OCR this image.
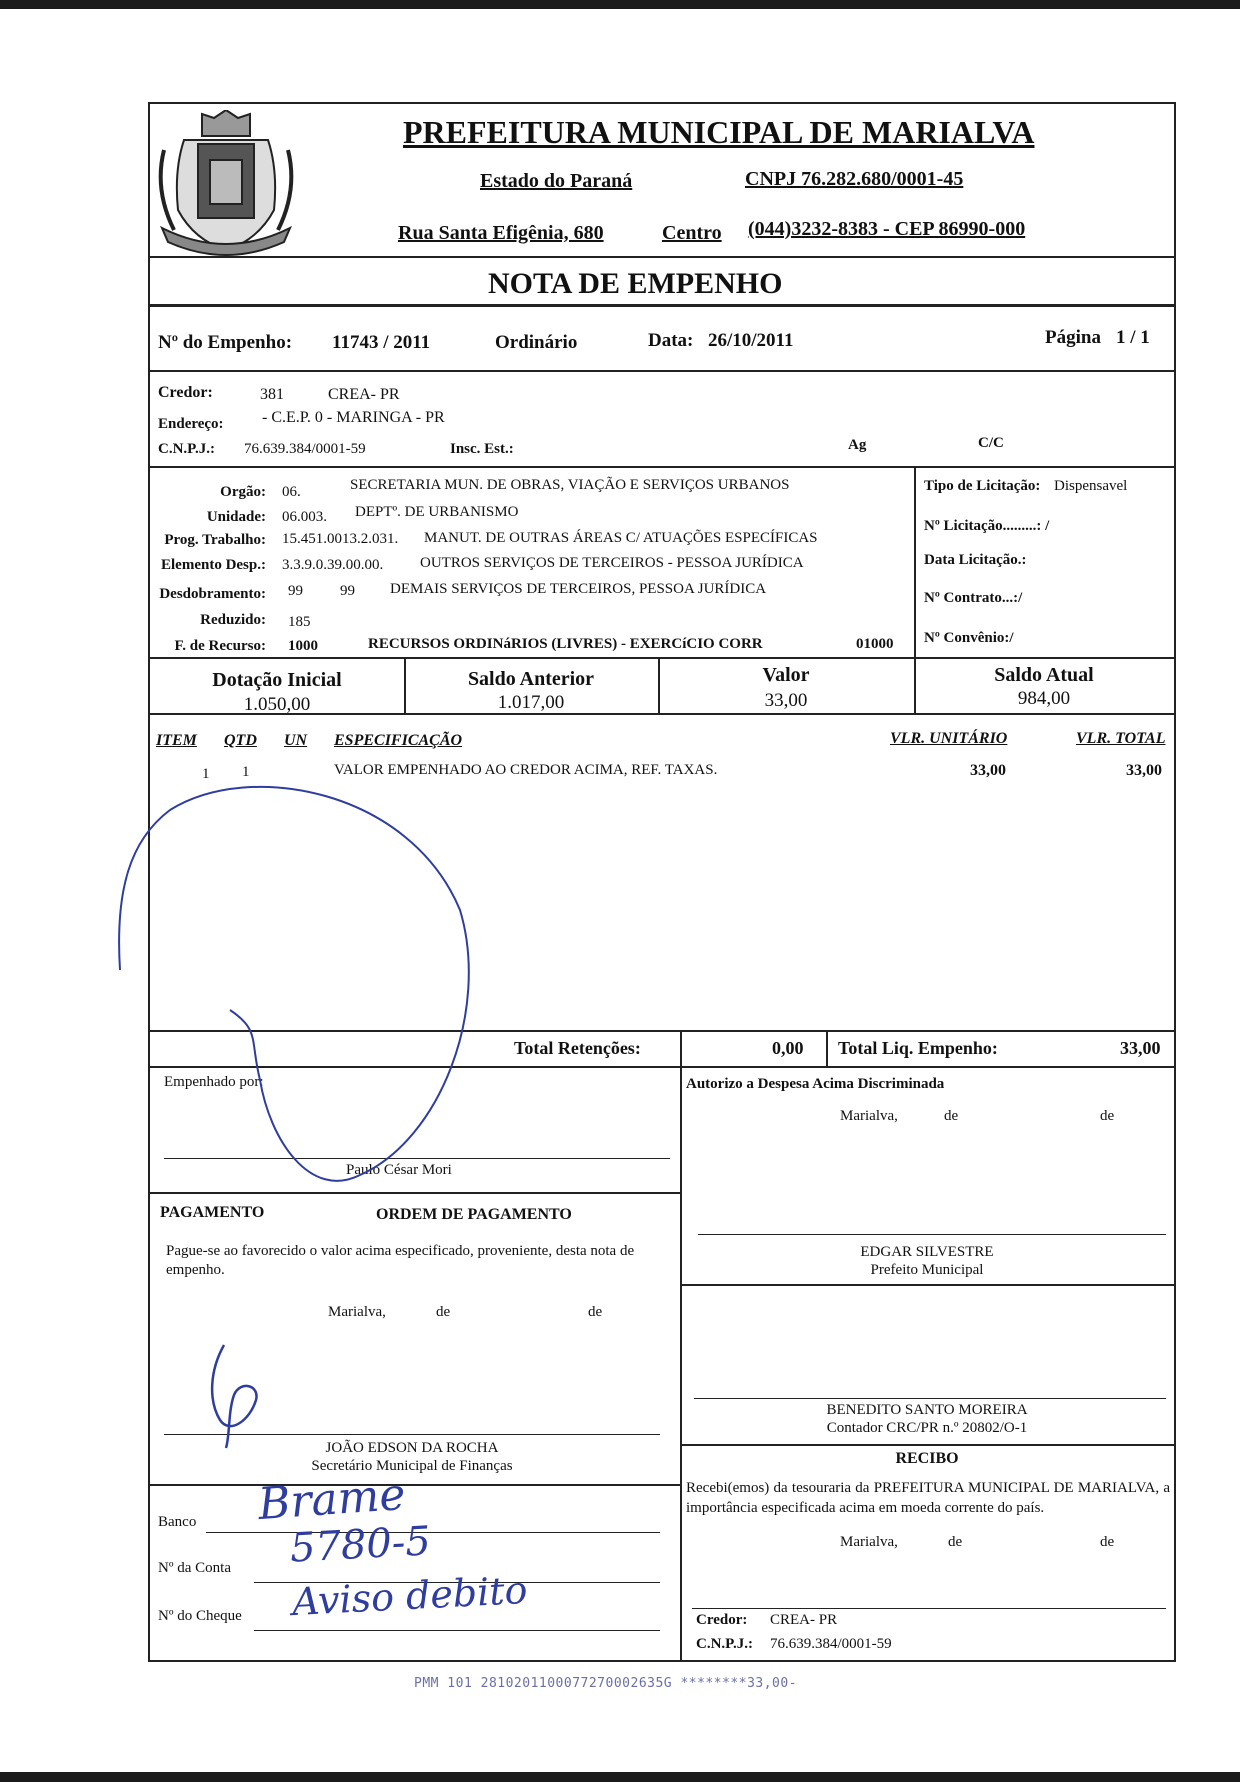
PREFEITURA MUNICIPAL DE MARIALVA
Estado do Paraná	CNPJ 76.282.680/0001-45
Rua Santa Efigênia, 680	Centro (044)3232-8383 - CEP 86990-000
NOTA DE EMPENHO
Nº do Empenho: 11743 / 2011	Ordinário	Data: 26/10/2011	Página 1 / 1
Credor:	381	CREA- PR
Endereço: - C.E.P. 0 - MARINGA - PR
C.N.P.J.: 76.639.384/0001-59	Insc. Est.:	Ag	C/C
Orgão: 06.	SECRETARIA MUN. DE OBRAS, VIAÇÃO E SERVIÇOS URBANOS
Unidade: 06.003. DEPTº. DE URBANISMO
Prog. Trabalho: 15.451.0013.2.031. MANUT. DE OUTRAS ÁREAS C/ ATUAÇÕES ESPECÍFICAS
Elemento Desp.: 3.3.9.0.39.00.00. OUTROS SERVIÇOS DE TERCEIROS - PESSOA JURÍDICA
Desdobramento: 99 99 DEMAIS SERVIÇOS DE TERCEIROS, PESSOA JURÍDICA
Reduzido: 185
F. de Recurso: 1000	RECURSOS ORDINáRIOS (LIVRES) - EXERCíCIO CORR	01000
Tipo de Licitação: Dispensavel
Nº Licitação.........: /
Data Licitação.:
Nº Contrato...:/
Nº Convênio:/
Dotação Inicial
1.050,00
Saldo Anterior
1.017,00
Valor
33,00
Saldo Atual
984,00
ITEM QTD UN ESPECIFICAÇÃO	VLR. UNITÁRIO	VLR. TOTAL
1 1	VALOR EMPENHADO AO CREDOR ACIMA, REF. TAXAS.	33,00	33,00
Total Retenções:	0,00 Total Liq. Empenho:	33,00
Empenhado por:
Paulo César Mori
PAGAMENTO	ORDEM DE PAGAMENTO
Pague-se ao favorecido o valor acima especificado, proveniente, desta nota de empenho.
Marialva,	de	de
JOÃO EDSON DA ROCHA
Secretário Municipal de Finanças
Banco
Nº da Conta
Nº do Cheque
Autorizo a Despesa Acima Discriminada
Marialva,	de	de
EDGAR SILVESTRE
Prefeito Municipal
BENEDITO SANTO MOREIRA
Contador CRC/PR n.º 20802/O-1
RECIBO
Recebi(emos) da tesouraria da PREFEITURA MUNICIPAL DE MARIALVA, a importância especificada acima em moeda corrente do país.
Marialva,	de	de
Credor: CREA- PR
C.N.P.J.: 76.639.384/0001-59
Brame
5780-5
Aviso debito
PMM 101 2810201100077270002635G ********33,00-
